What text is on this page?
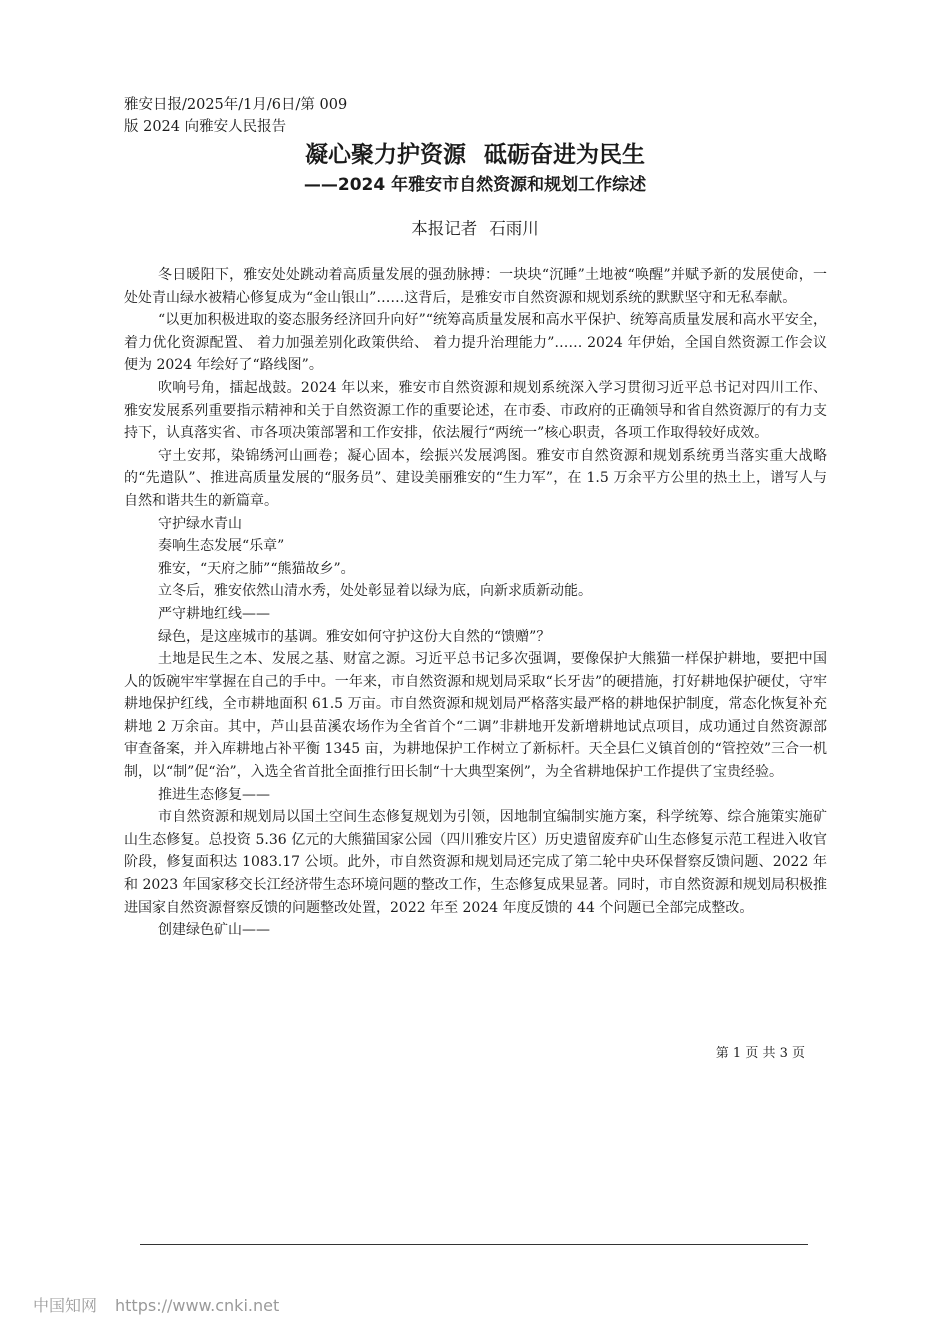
雅安日报/2025年/1月/6日/第 009
版 2024 向雅安人民报告
凝心聚力护资源 砥砺奋进为民生
——2024 年雅安市自然资源和规划工作综述
本报记者 石雨川

冬日暖阳下，雅安处处跳动着高质量发展的强劲脉搏：一块块“沉睡”土地被“唤醒”并赋予新的发展使命，一处处青山绿水被精心修复成为“金山银山”……这背后，是雅安市自然资源和规划系统的默默坚守和无私奉献。

“以更加积极进取的姿态服务经济回升向好”“统筹高质量发展和高水平保护、统筹高质量发展和高水平安全， 着力优化资源配置、 着力加强差别化政策供给、 着力提升治理能力”…… 2024 年伊始，全国自然资源工作会议便为 2024 年绘好了“路线图”。

吹响号角，擂起战鼓。2024 年以来，雅安市自然资源和规划系统深入学习贯彻习近平总书记对四川工作、雅安发展系列重要指示精神和关于自然资源工作的重要论述，在市委、市政府的正确领导和省自然资源厅的有力支持下，认真落实省、市各项决策部署和工作安排，依法履行“两统一”核心职责，各项工作取得较好成效。

守土安邦，染锦绣河山画卷；凝心固本，绘振兴发展鸿图。雅安市自然资源和规划系统勇当落实重大战略的“先遣队”、推进高质量发展的“服务员”、建设美丽雅安的“生力军”，在 1.5 万余平方公里的热土上，谱写人与自然和谐共生的新篇章。

守护绿水青山

奏响生态发展“乐章”

雅安，“天府之肺”“熊猫故乡”。

立冬后，雅安依然山清水秀，处处彰显着以绿为底，向新求质新动能。

严守耕地红线——

绿色，是这座城市的基调。雅安如何守护这份大自然的“馈赠”？

土地是民生之本、发展之基、财富之源。习近平总书记多次强调，要像保护大熊猫一样保护耕地，要把中国人的饭碗牢牢掌握在自己的手中。一年来，市自然资源和规划局采取“长牙齿”的硬措施，打好耕地保护硬仗，守牢耕地保护红线，全市耕地面积 61.5 万亩。市自然资源和规划局严格落实最严格的耕地保护制度，常态化恢复补充耕地 2 万余亩。其中，芦山县苗溪农场作为全省首个“二调”非耕地开发新增耕地试点项目，成功通过自然资源部审查备案，并入库耕地占补平衡 1345 亩，为耕地保护工作树立了新标杆。天全县仁义镇首创的“管控效”三合一机制，以“制”促“治”，入选全省首批全面推行田长制“十大典型案例”，为全省耕地保护工作提供了宝贵经验。

推进生态修复——

市自然资源和规划局以国土空间生态修复规划为引领，因地制宜编制实施方案，科学统筹、综合施策实施矿山生态修复。总投资 5.36 亿元的大熊猫国家公园（四川雅安片区）历史遗留废弃矿山生态修复示范工程进入收官阶段，修复面积达 1083.17 公顷。此外，市自然资源和规划局还完成了第二轮中央环保督察反馈问题、2022 年和 2023 年国家移交长江经济带生态环境问题的整改工作，生态修复成果显著。同时，市自然资源和规划局积极推进国家自然资源督察反馈的问题整改处置，2022 年至 2024 年度反馈的 44 个问题已全部完成整改。

创建绿色矿山——

第 1 页 共 3 页
中国知网 https://www.cnki.net
